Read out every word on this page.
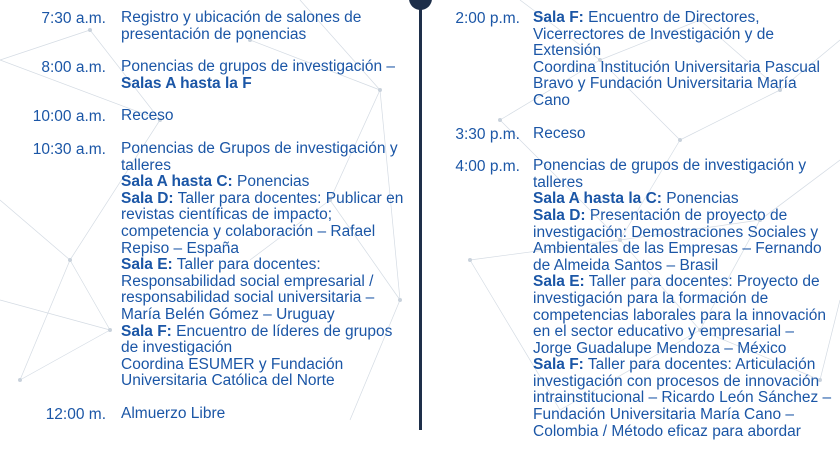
7:30 a.m. Registro y ubicación de salones de presentación de ponencias

8:00 a.m. Ponencias de grupos de investigación –

Salas A hasta la F

10:00 a.m. Receso

10:30 a.m. Ponencias de Grupos de investigación y talleres

Sala A hasta C: Ponencias

Sala D: Taller para docentes: Publicar en revistas científicas de impacto; competencia y colaboración – Rafael Repiso – España

Sala E: Taller para docentes: Responsabilidad social empresarial / responsabilidad social universitaria – María Belén Gómez – Uruguay

Sala F: Encuentro de líderes de grupos de investigación

Coordina ESUMER y Fundación Universitaria Católica del Norte

12:00 m. Almuerzo Libre

2:00 p.m. Sala F: Encuentro de Directores, Vicerrectores de Investigación y de Extensión

Coordina Institución Universitaria Pascual Bravo y Fundación Universitaria María Cano

3:30 p.m. Receso

4:00 p.m. Ponencias de grupos de investigación y talleres

Sala A hasta la C: Ponencias

Sala D: Presentación de proyecto de investigación: Demostraciones Sociales y Ambientales de las Empresas – Fernando de Almeida Santos – Brasil

Sala E: Taller para docentes: Proyecto de investigación para la formación de competencias laborales para la innovación en el sector educativo y empresarial – Jorge Guadalupe Mendoza – México

Sala F: Taller para docentes: Articulación investigación con procesos de innovación intrainstitucional – Ricardo León Sánchez – Fundación Universitaria María Cano – Colombia / Método eficaz para abordar
